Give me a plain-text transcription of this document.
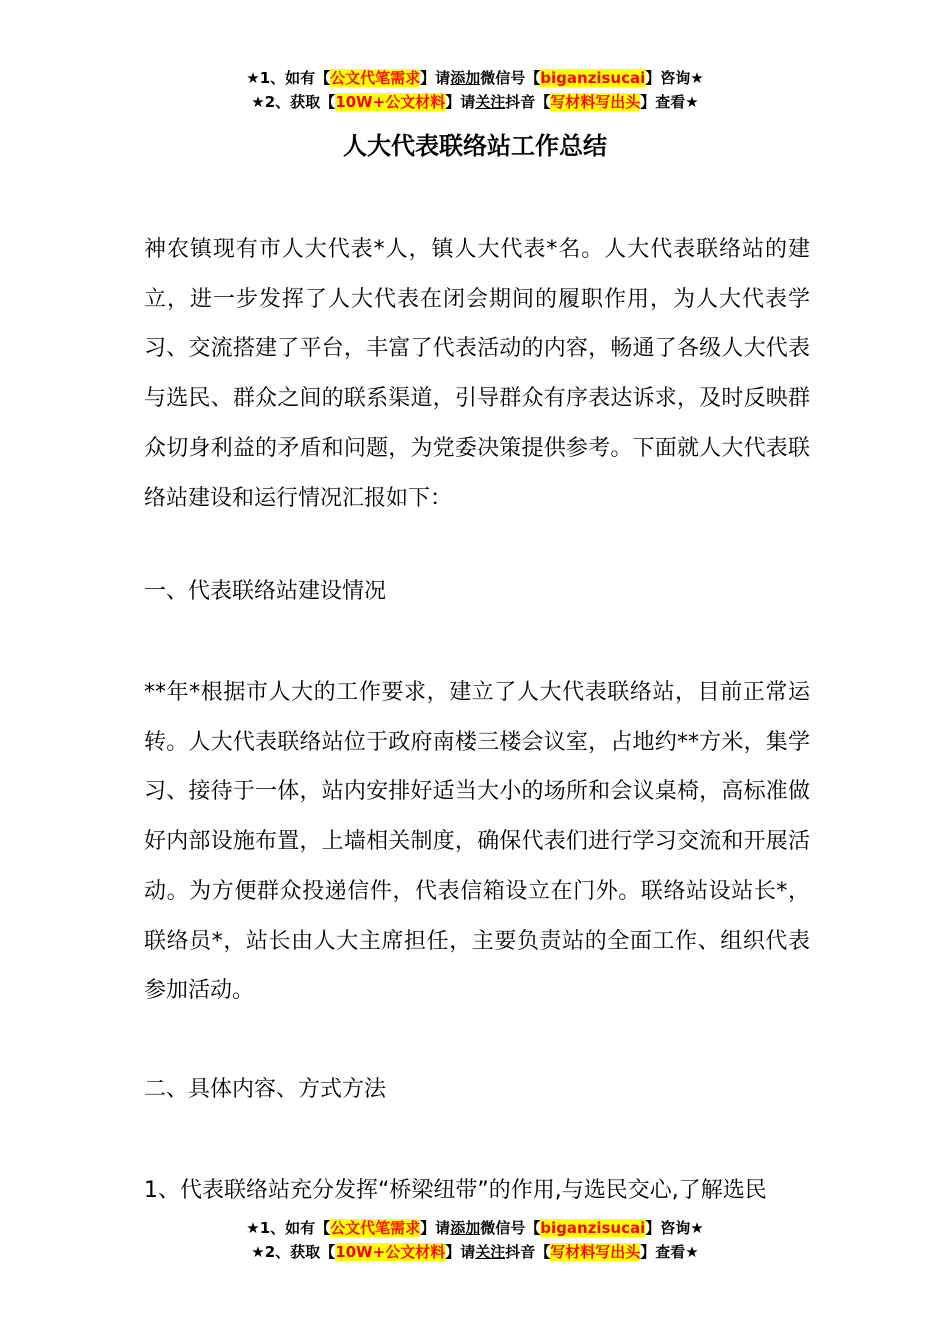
★1、如有【公文代笔需求】请添加微信号【biganzisucai】咨询★
★2、获取【10W+公文材料】请关注抖音【写材料写出头】查看★
人大代表联络站工作总结

神农镇现有市人大代表*人，镇人大代表*名。人大代表联络站的建立，进一步发挥了人大代表在闭会期间的履职作用，为人大代表学习、交流搭建了平台，丰富了代表活动的内容，畅通了各级人大代表与选民、群众之间的联系渠道，引导群众有序表达诉求，及时反映群众切身利益的矛盾和问题，为党委决策提供参考。下面就人大代表联络站建设和运行情况汇报如下：

一、代表联络站建设情况

**年*根据市人大的工作要求，建立了人大代表联络站，目前正常运转。人大代表联络站位于政府南楼三楼会议室，占地约**方米，集学习、接待于一体，站内安排好适当大小的场所和会议桌椅，高标准做好内部设施布置，上墙相关制度，确保代表们进行学习交流和开展活动。为方便群众投递信件，代表信箱设立在门外。联络站设站长*，联络员*，站长由人大主席担任，主要负责站的全面工作、组织代表参加活动。

二、具体内容、方式方法

1、代表联络站充分发挥“桥梁纽带”的作用,与选民交心,了解选民

★1、如有【公文代笔需求】请添加微信号【biganzisucai】咨询★
★2、获取【10W+公文材料】请关注抖音【写材料写出头】查看★
